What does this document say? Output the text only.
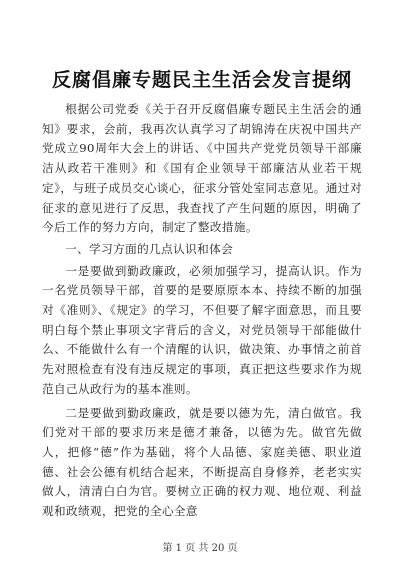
反腐倡廉专题民主生活会发言提纲

根据公司党委《关于召开反腐倡廉专题民主生活会的通知》要求，会前，我再次认真学习了胡锦涛在庆祝中国共产党成立90周年大会上的讲话、《中国共产党党员领导干部廉洁从政若干准则》和《国有企业领导干部廉洁从业若干规定》，与班子成员交心谈心，征求分管处室同志意见。通过对征求的意见进行了反思，我查找了产生问题的原因，明确了今后工作的努力方向，制定了整改措施。

一、学习方面的几点认识和体会

一是要做到勤政廉政，必须加强学习，提高认识。作为一名党员领导干部，首要的是要原原本本、持续不断的加强对《准则》、《规定》的学习，不但要了解字面意思，而且要明白每个禁止事项文字背后的含义，对党员领导干部能做什么、不能做什么有一个清醒的认识，做决策、办事情之前首先对照检查有没有违反规定的事项，真正把这些要求作为规范自己从政行为的基本准则。

二是要做到勤政廉政，就是要以德为先，清白做官。我们党对干部的要求历来是德才兼备，以德为先。做官先做人，把修“德”作为基础，将个人品德、家庭美德、职业道德、社会公德有机结合起来，不断提高自身修养，老老实实做人，清清白白为官。要树立正确的权力观、地位观、利益观和政绩观，把党的全心全意

第 1 页 共 20 页
